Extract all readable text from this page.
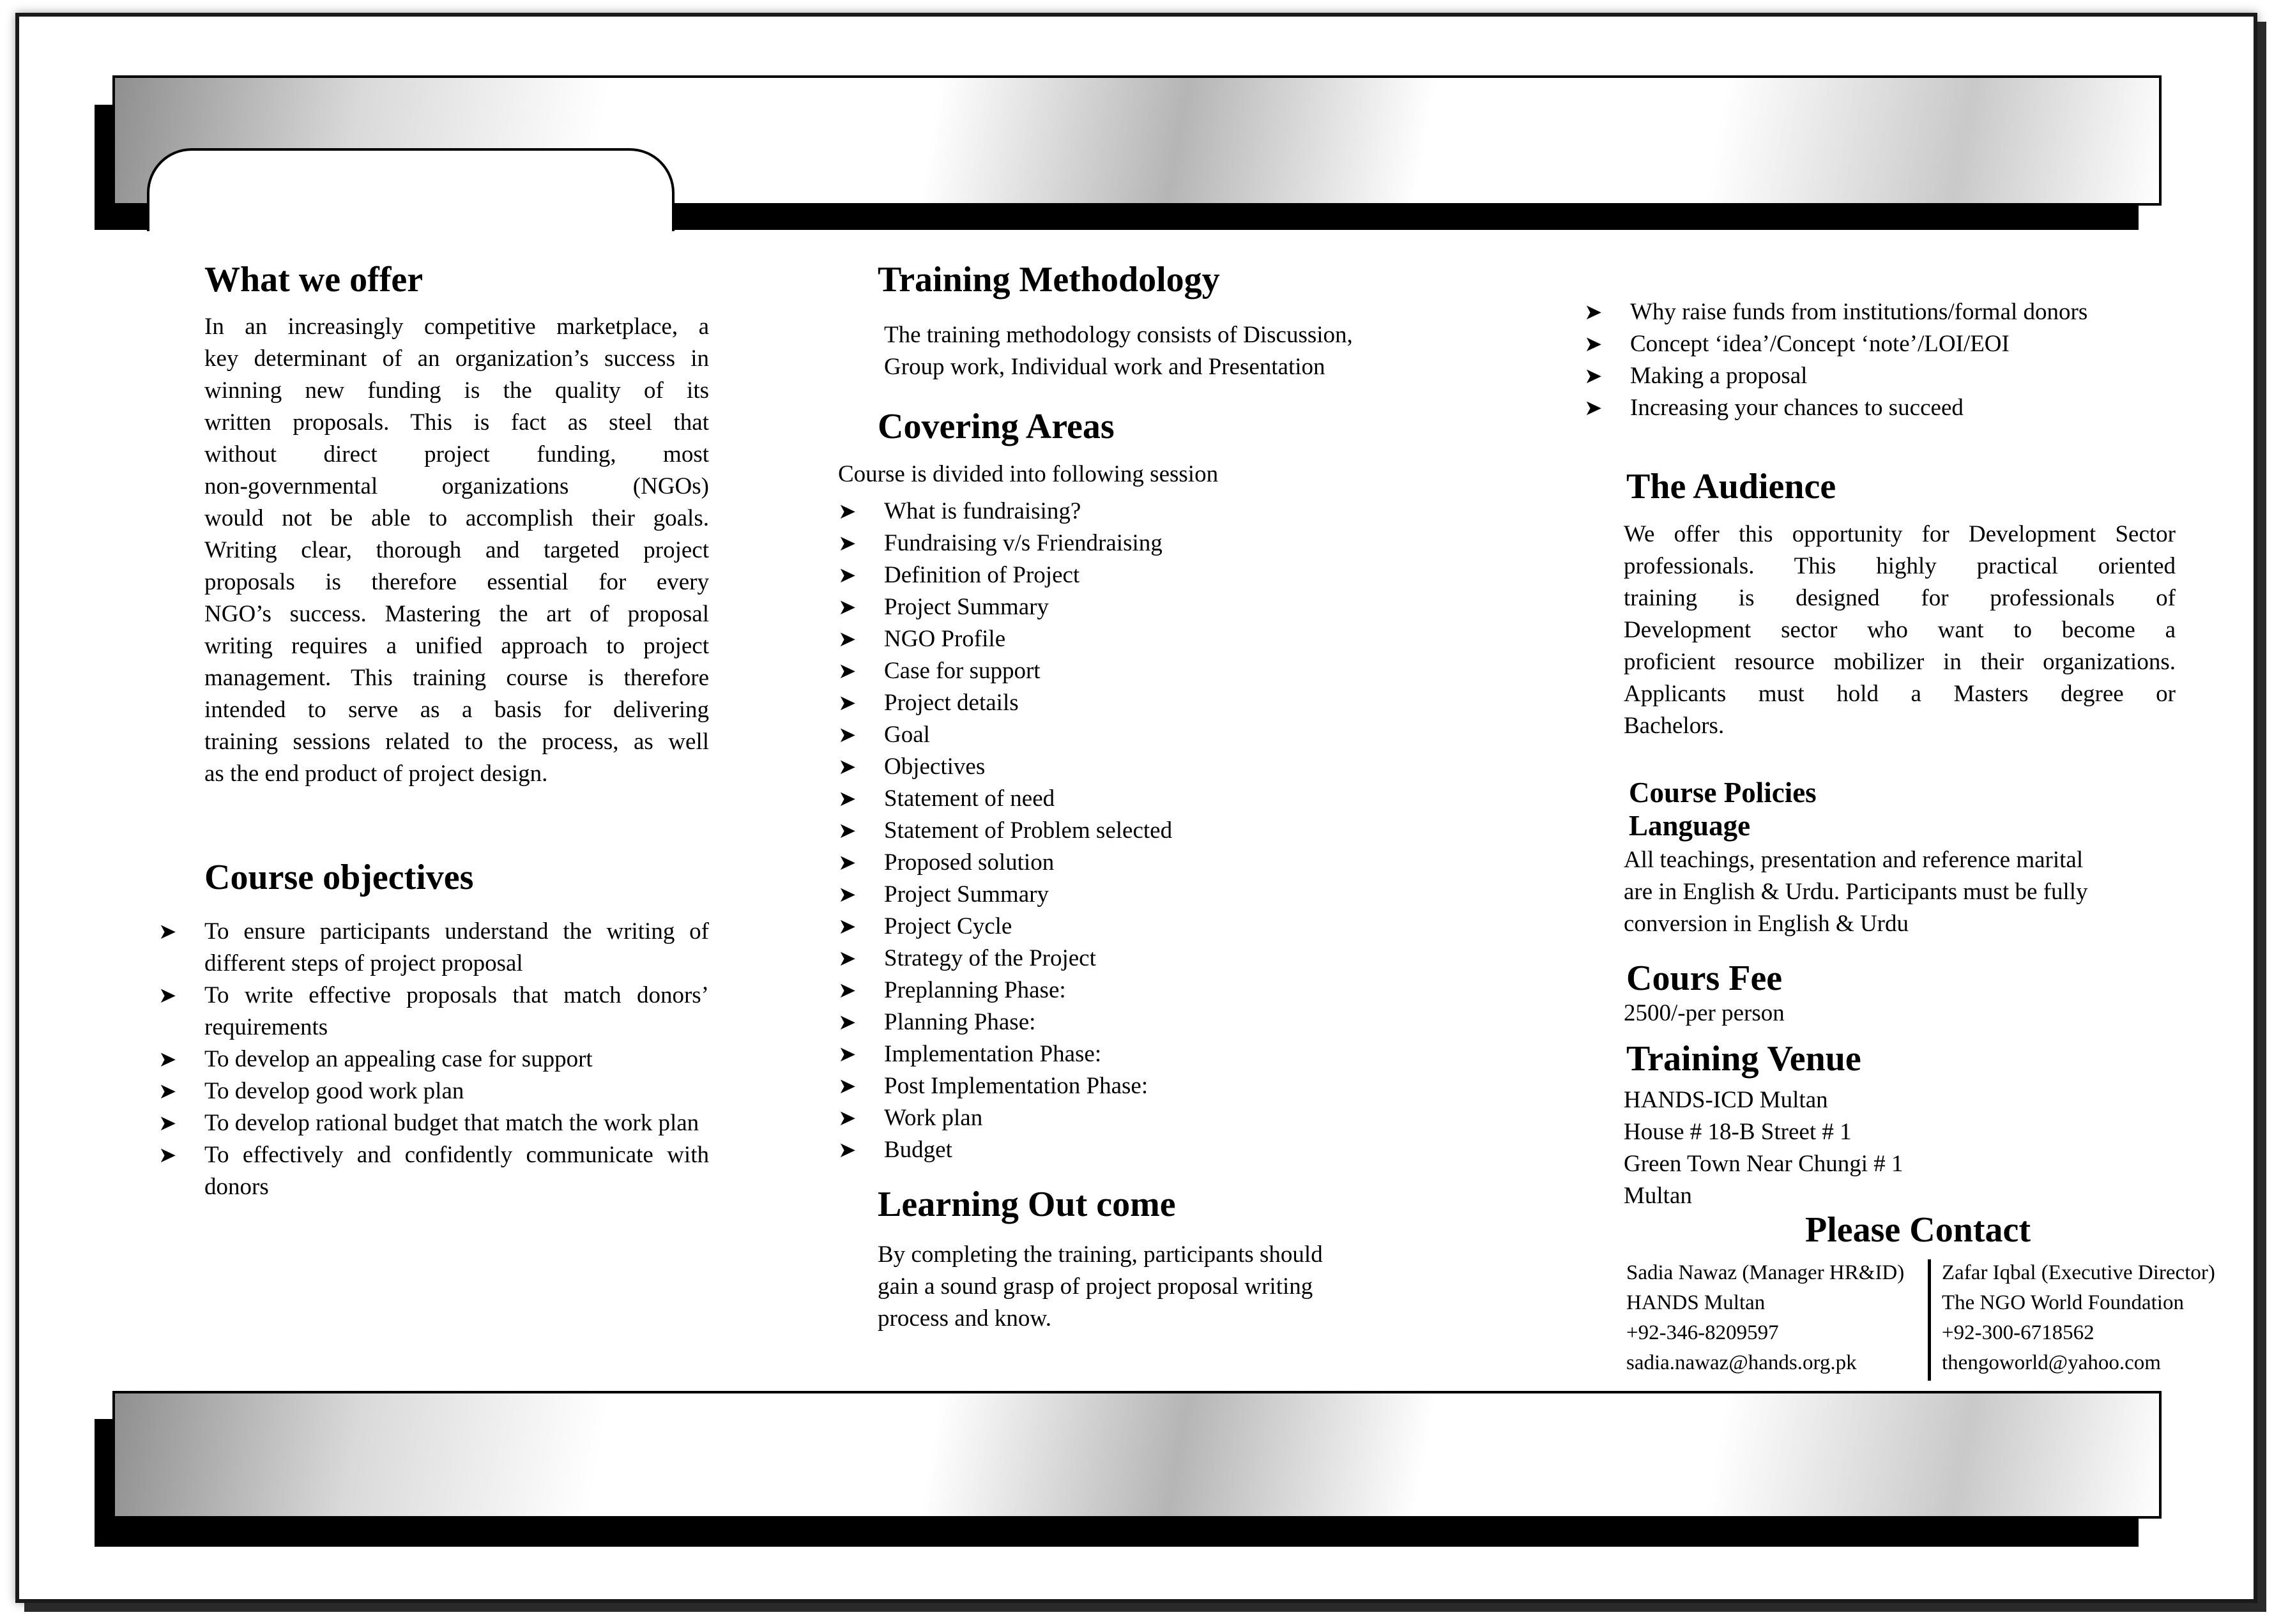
What we offer
In an increasingly competitive marketplace, a
key determinant of an organization’s success in
winning new funding is the quality of its
written proposals. This is fact as steel that
without direct project funding, most
non-governmental organizations (NGOs)
would not be able to accomplish their goals.
Writing clear, thorough and targeted project
proposals is therefore essential for every
NGO’s success. Mastering the art of proposal
writing requires a unified approach to project
management. This training course is therefore
intended to serve as a basis for delivering
training sessions related to the process, as well
as the end product of project design.
Course objectives
➤ To ensure participants understand the writing of different steps of project proposal
➤ To write effective proposals that match donors’ requirements
➤ To develop an appealing case for support
➤ To develop good work plan
➤ To develop rational budget that match the work plan
➤ To effectively and confidently communicate with donors
Training Methodology
The training methodology consists of Discussion,
Group work, Individual work and Presentation
Covering Areas
Course is divided into following session
➤ What is fundraising?
➤ Fundraising v/s Friendraising
➤ Definition of Project
➤ Project Summary
➤ NGO Profile
➤ Case for support
➤ Project details
➤ Goal
➤ Objectives
➤ Statement of need
➤ Statement of Problem selected
➤ Proposed solution
➤ Project Summary
➤ Project Cycle
➤ Strategy of the Project
➤ Preplanning Phase:
➤ Planning Phase:
➤ Implementation Phase:
➤ Post Implementation Phase:
➤ Work plan
➤ Budget
Learning Out come
By completing the training, participants should
gain a sound grasp of project proposal writing
process and know.
➤ Why raise funds from institutions/formal donors
➤ Concept ‘idea’/Concept ‘note’/LOI/EOI
➤ Making a proposal
➤ Increasing your chances to succeed
The Audience
We offer this opportunity for Development Sector
professionals. This highly practical oriented
training is designed for professionals of
Development sector who want to become a
proficient resource mobilizer in their organizations.
Applicants must hold a Masters degree or
Bachelors.
Course Policies
Language
All teachings, presentation and reference marital
are in English & Urdu. Participants must be fully
conversion in English & Urdu
Cours Fee
2500/-per person
Training Venue
HANDS-ICD Multan
House # 18-B Street # 1
Green Town Near Chungi # 1
Multan
Please Contact
Sadia Nawaz (Manager HR&ID)
HANDS Multan
+92-346-8209597
sadia.nawaz@hands.org.pk
Zafar Iqbal (Executive Director)
The NGO World Foundation
+92-300-6718562
thengoworld@yahoo.com
